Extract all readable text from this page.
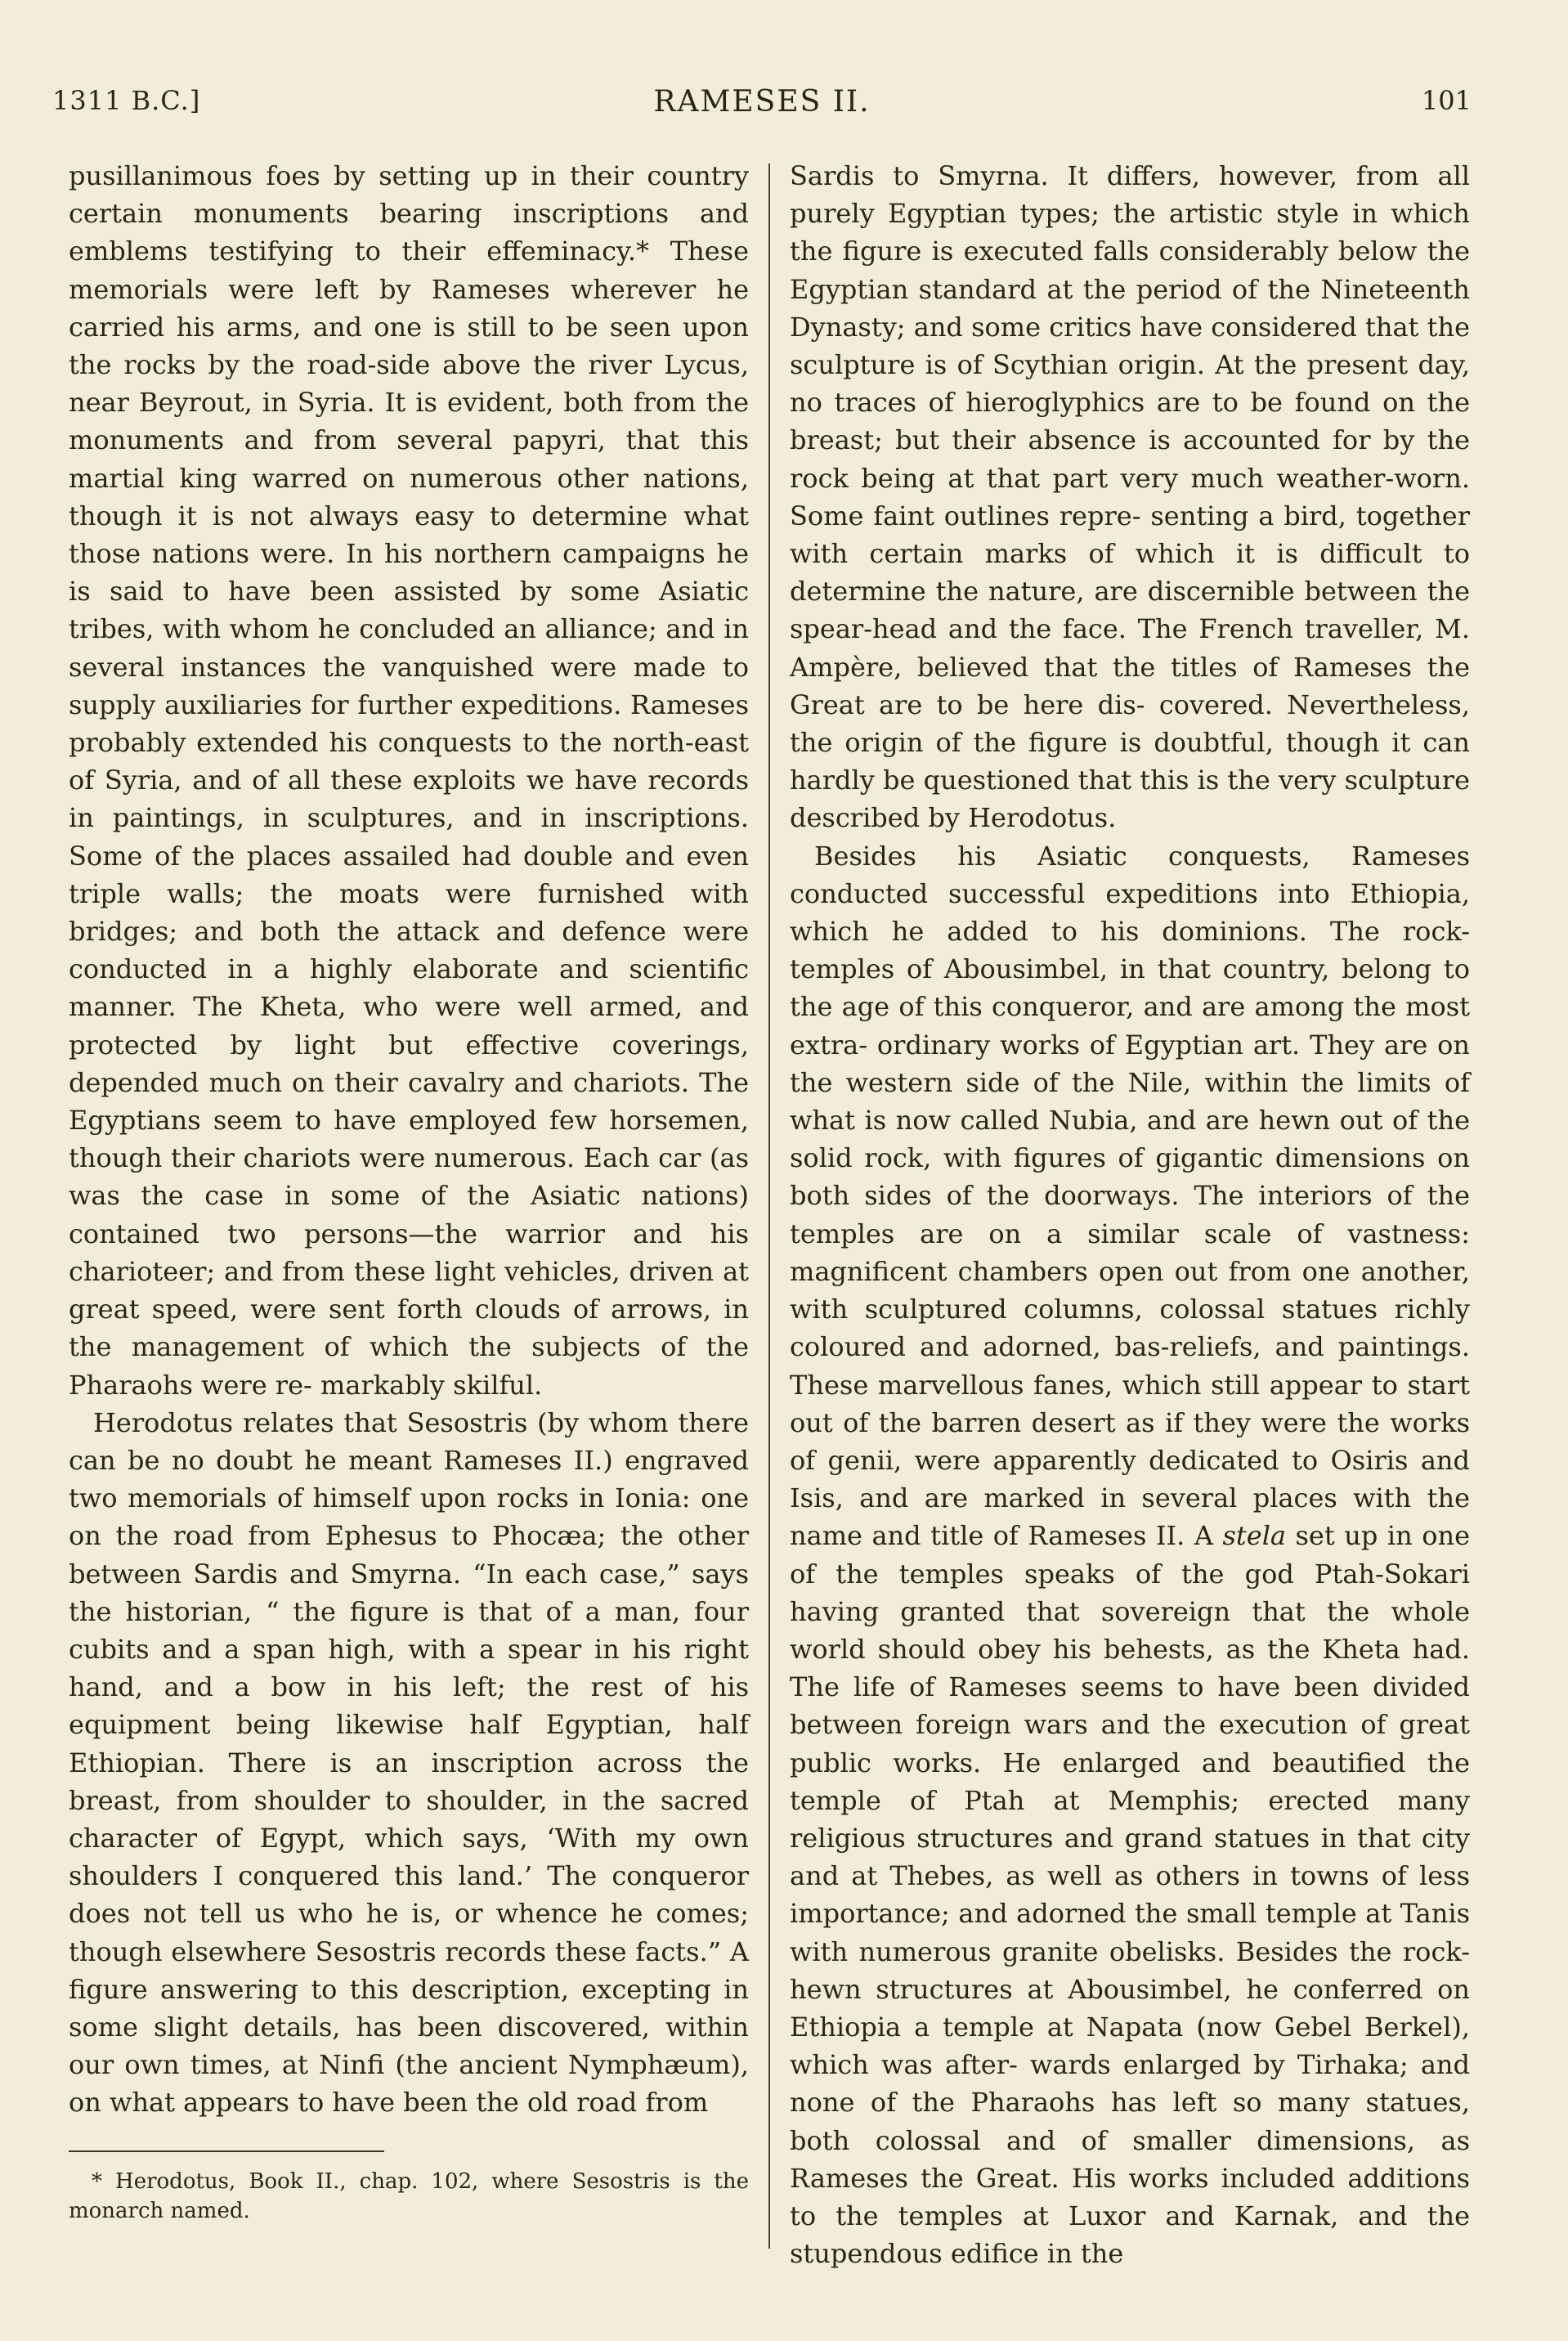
1311 B.C.]	RAMESES II.	101

pusillanimous foes by setting up in their country certain monuments bearing inscriptions and emblems testifying to their effeminacy.* These memorials were left by Rameses wherever he carried his arms, and one is still to be seen upon the rocks by the road-side above the river Lycus, near Beyrout, in Syria. It is evident, both from the monuments and from several papyri, that this martial king warred on numerous other nations, though it is not always easy to determine what those nations were. In his northern campaigns he is said to have been assisted by some Asiatic tribes, with whom he concluded an alliance; and in several instances the vanquished were made to supply auxiliaries for further expeditions. Rameses probably extended his conquests to the north-east of Syria, and of all these exploits we have records in paintings, in sculptures, and in inscriptions. Some of the places assailed had double and even triple walls; the moats were furnished with bridges; and both the attack and defence were conducted in a highly elaborate and scientific manner. The Kheta, who were well armed, and protected by light but effective coverings, depended much on their cavalry and chariots. The Egyptians seem to have employed few horsemen, though their chariots were numerous. Each car (as was the case in some of the Asiatic nations) contained two persons—the warrior and his charioteer; and from these light vehicles, driven at great speed, were sent forth clouds of arrows, in the management of which the subjects of the Pharaohs were re- markably skilful.

Herodotus relates that Sesostris (by whom there can be no doubt he meant Rameses II.) engraved two memorials of himself upon rocks in Ionia: one on the road from Ephesus to Phocæa; the other between Sardis and Smyrna. “In each case,” says the historian, “ the figure is that of a man, four cubits and a span high, with a spear in his right hand, and a bow in his left; the rest of his equipment being likewise half Egyptian, half Ethiopian. There is an inscription across the breast, from shoulder to shoulder, in the sacred character of Egypt, which says, ‘With my own shoulders I conquered this land.’ The conqueror does not tell us who he is, or whence he comes; though elsewhere Sesostris records these facts.” A figure answering to this description, excepting in some slight details, has been discovered, within our own times, at Ninfi (the ancient Nymphæum), on what appears to have been the old road from

Sardis to Smyrna. It differs, however, from all purely Egyptian types; the artistic style in which the figure is executed falls considerably below the Egyptian standard at the period of the Nineteenth Dynasty; and some critics have considered that the sculpture is of Scythian origin. At the present day, no traces of hieroglyphics are to be found on the breast; but their absence is accounted for by the rock being at that part very much weather-worn. Some faint outlines repre- senting a bird, together with certain marks of which it is difficult to determine the nature, are discernible between the spear-head and the face. The French traveller, M. Ampère, believed that the titles of Rameses the Great are to be here dis- covered. Nevertheless, the origin of the figure is doubtful, though it can hardly be questioned that this is the very sculpture described by Herodotus.

Besides his Asiatic conquests, Rameses conducted successful expeditions into Ethiopia, which he added to his dominions. The rock-temples of Abousimbel, in that country, belong to the age of this conqueror, and are among the most extra- ordinary works of Egyptian art. They are on the western side of the Nile, within the limits of what is now called Nubia, and are hewn out of the solid rock, with figures of gigantic dimensions on both sides of the doorways. The interiors of the temples are on a similar scale of vastness: magnificent chambers open out from one another, with sculptured columns, colossal statues richly coloured and adorned, bas-reliefs, and paintings. These marvellous fanes, which still appear to start out of the barren desert as if they were the works of genii, were apparently dedicated to Osiris and Isis, and are marked in several places with the name and title of Rameses II. A stela set up in one of the temples speaks of the god Ptah-Sokari having granted that sovereign that the whole world should obey his behests, as the Kheta had. The life of Rameses seems to have been divided between foreign wars and the execution of great public works. He enlarged and beautified the temple of Ptah at Memphis; erected many religious structures and grand statues in that city and at Thebes, as well as others in towns of less importance; and adorned the small temple at Tanis with numerous granite obelisks. Besides the rock-hewn structures at Abousimbel, he conferred on Ethiopia a temple at Napata (now Gebel Berkel), which was after- wards enlarged by Tirhaka; and none of the Pharaohs has left so many statues, both colossal and of smaller dimensions, as Rameses the Great. His works included additions to the temples at Luxor and Karnak, and the stupendous edifice in the

* Herodotus, Book II., chap. 102, where Sesostris is the monarch named.
